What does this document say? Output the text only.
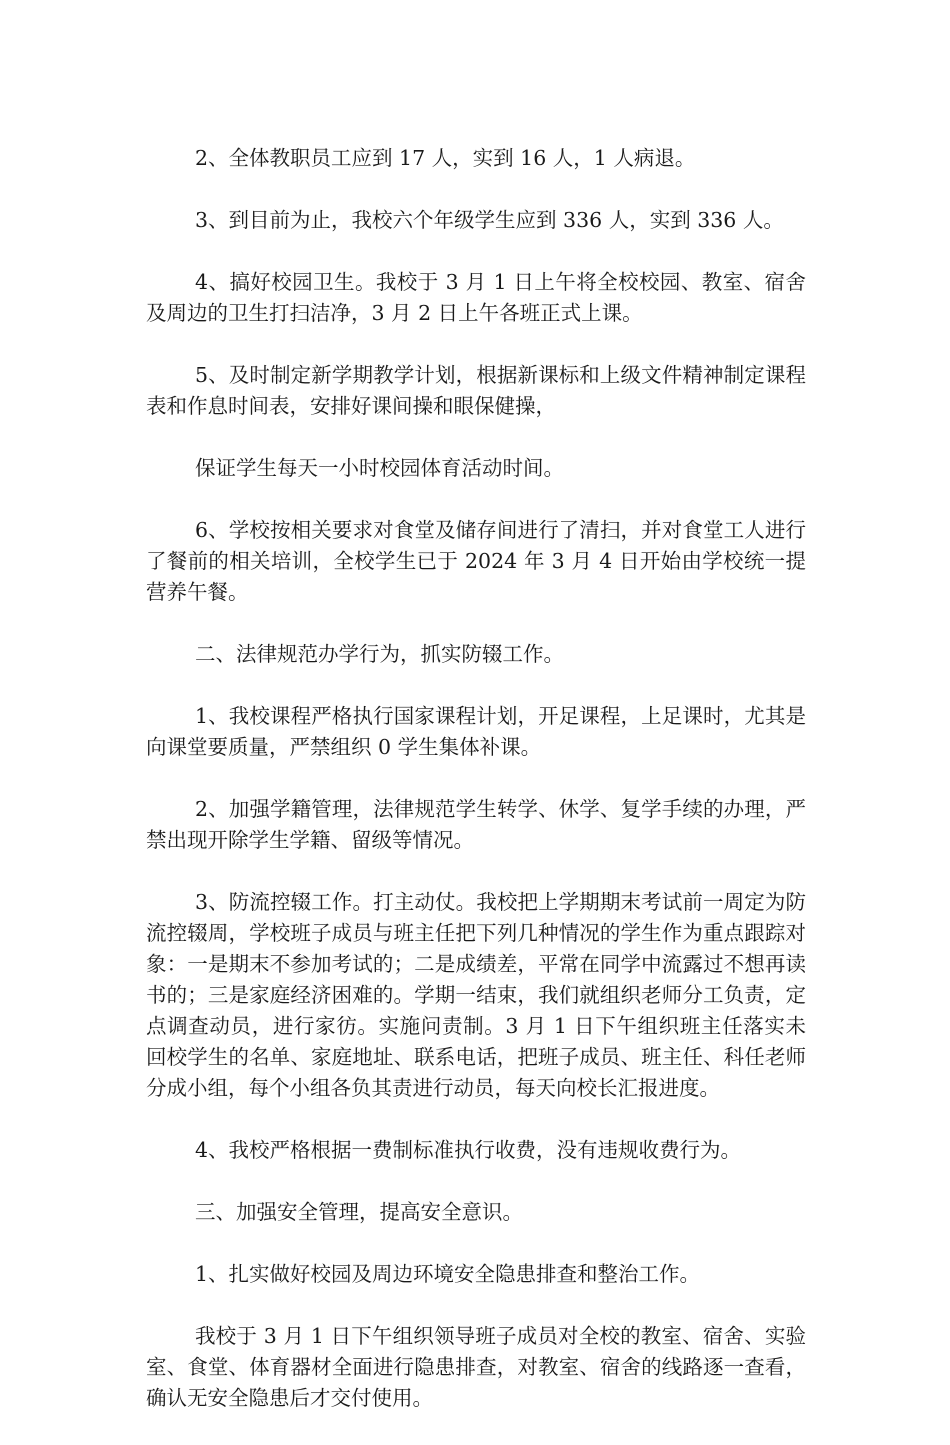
2、全体教职员工应到 17 人，实到 16 人，1 人病退。

3、到目前为止，我校六个年级学生应到 336 人，实到 336 人。

4、搞好校园卫生。我校于 3 月 1 日上午将全校校园、教室、宿舍及周边的卫生打扫洁净，3 月 2 日上午各班正式上课。

5、及时制定新学期教学计划，根据新课标和上级文件精神制定课程表和作息时间表，安排好课间操和眼保健操，

保证学生每天一小时校园体育活动时间。

6、学校按相关要求对食堂及储存间进行了清扫，并对食堂工人进行了餐前的相关培训，全校学生已于 2024 年 3 月 4 日开始由学校统一提营养午餐。

二、法律规范办学行为，抓实防辍工作。

1、我校课程严格执行国家课程计划，开足课程，上足课时，尤其是向课堂要质量，严禁组织 0 学生集体补课。

2、加强学籍管理，法律规范学生转学、休学、复学手续的办理，严禁出现开除学生学籍、留级等情况。

3、防流控辍工作。打主动仗。我校把上学期期末考试前一周定为防流控辍周，学校班子成员与班主任把下列几种情况的学生作为重点跟踪对象：一是期末不参加考试的；二是成绩差，平常在同学中流露过不想再读书的；三是家庭经济困难的。学期一结束，我们就组织老师分工负责，定点调查动员，进行家彷。实施问责制。3 月 1 日下午组织班主任落实未回校学生的名单、家庭地址、联系电话，把班子成员、班主任、科任老师分成小组，每个小组各负其责进行动员，每天向校长汇报进度。

4、我校严格根据一费制标准执行收费，没有违规收费行为。

三、加强安全管理，提高安全意识。

1、扎实做好校园及周边环境安全隐患排查和整治工作。

我校于 3 月 1 日下午组织领导班子成员对全校的教室、宿舍、实验室、食堂、体育器材全面进行隐患排查，对教室、宿舍的线路逐一查看，确认无安全隐患后才交付使用。
